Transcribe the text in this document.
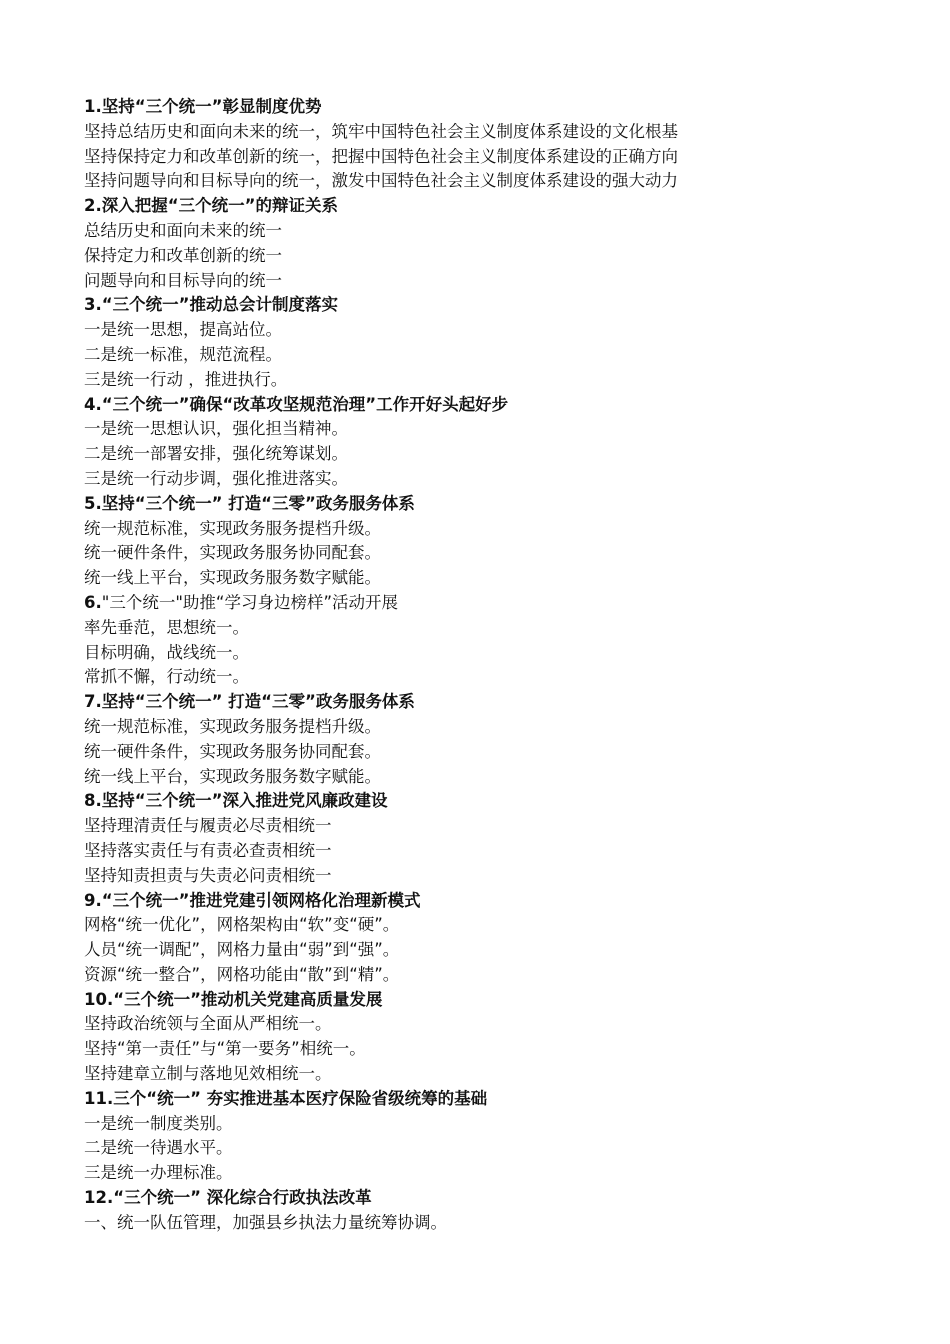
1.坚持“三个统一”彰显制度优势
坚持总结历史和面向未来的统一，筑牢中国特色社会主义制度体系建设的文化根基
坚持保持定力和改革创新的统一，把握中国特色社会主义制度体系建设的正确方向
坚持问题导向和目标导向的统一，激发中国特色社会主义制度体系建设的强大动力
2.深入把握“三个统一”的辩证关系
总结历史和面向未来的统一
保持定力和改革创新的统一
问题导向和目标导向的统一
3.“三个统一”推动总会计制度落实
一是统一思想，提高站位。
二是统一标准，规范流程。
三是统一行动 ，推进执行。
4.“三个统一”确保“改革攻坚规范治理”工作开好头起好步
一是统一思想认识，强化担当精神。
二是统一部署安排，强化统筹谋划。
三是统一行动步调，强化推进落实。
5.坚持“三个统一” 打造“三零”政务服务体系
统一规范标准，实现政务服务提档升级。
统一硬件条件，实现政务服务协同配套。
统一线上平台，实现政务服务数字赋能。
6."三个统一"助推“学习身边榜样”活动开展
率先垂范，思想统一。
目标明确，战线统一。
常抓不懈，行动统一。
7.坚持“三个统一” 打造“三零”政务服务体系
统一规范标准，实现政务服务提档升级。
统一硬件条件，实现政务服务协同配套。
统一线上平台，实现政务服务数字赋能。
8.坚持“三个统一”深入推进党风廉政建设
坚持理清责任与履责必尽责相统一
坚持落实责任与有责必查责相统一
坚持知责担责与失责必问责相统一
9.“三个统一”推进党建引领网格化治理新模式
网格“统一优化”，网格架构由“软”变“硬”。
人员“统一调配”，网格力量由“弱”到“强”。
资源“统一整合”，网格功能由“散”到“精”。
10.“三个统一”推动机关党建高质量发展
坚持政治统领与全面从严相统一。
坚持“第一责任”与“第一要务”相统一。
坚持建章立制与落地见效相统一。
11.三个“统一” 夯实推进基本医疗保险省级统筹的基础
一是统一制度类别。
二是统一待遇水平。
三是统一办理标准。
12.“三个统一” 深化综合行政执法改革
一、统一队伍管理，加强县乡执法力量统筹协调。
